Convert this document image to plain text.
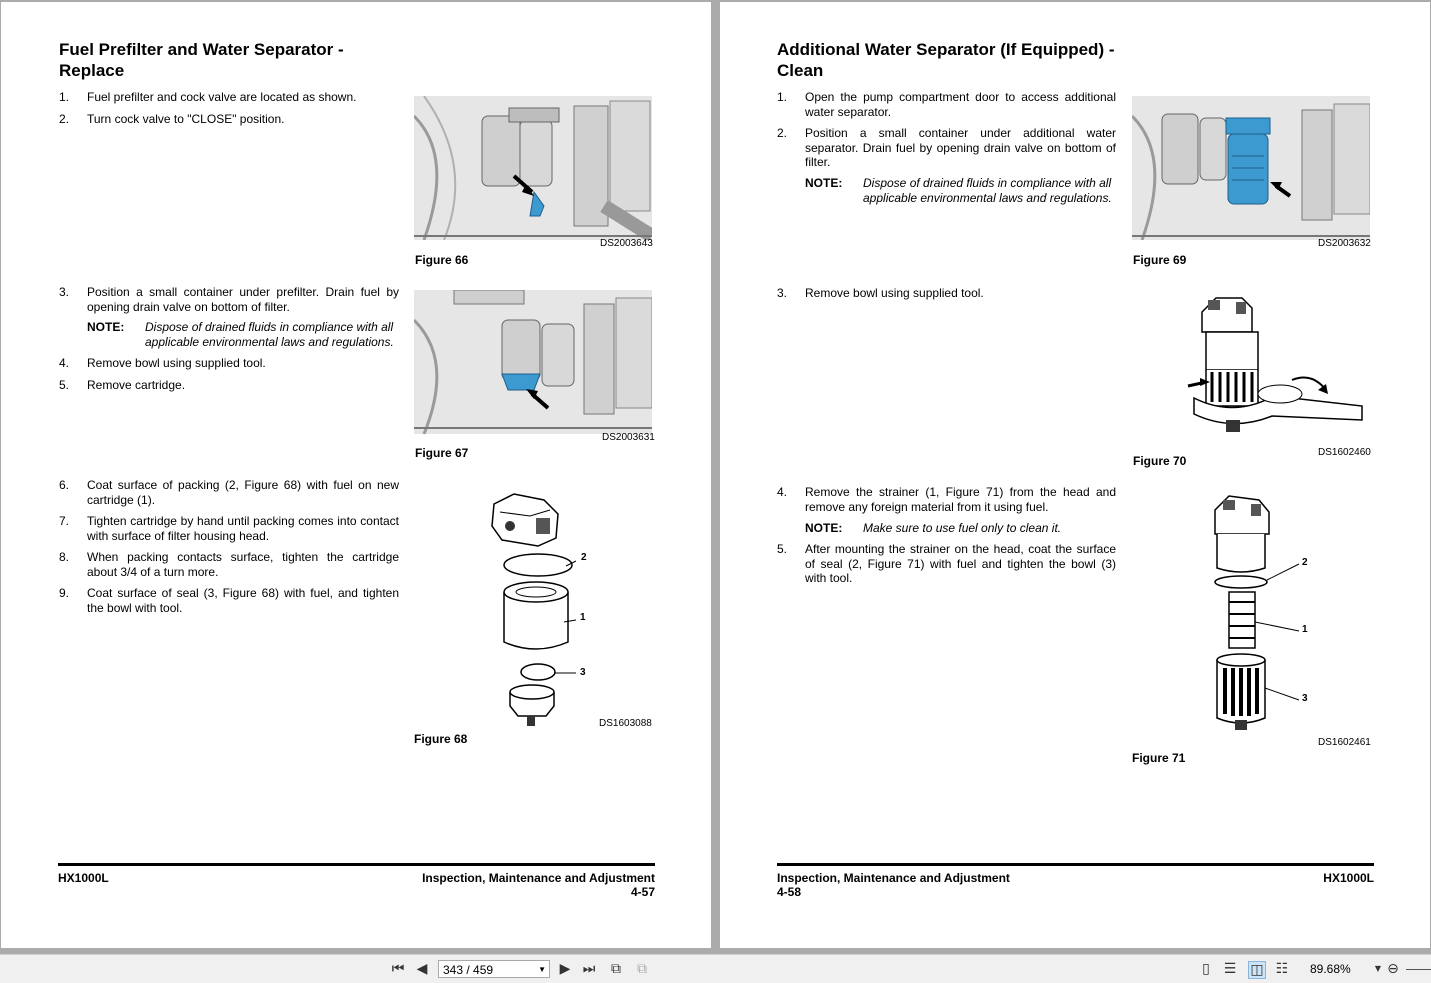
Fuel Prefilter and Water Separator -
Replace
1. Fuel prefilter and cock valve are located as shown.
2. Turn cock valve to "CLOSE" position.
DS2003643
Figure 66
3. Position a small container under prefilter. Drain fuel by opening drain valve on bottom of filter.
NOTE: Dispose of drained fluids in compliance with all applicable environmental laws and regulations.
4. Remove bowl using supplied tool.
5. Remove cartridge.
DS2003631
Figure 67
6. Coat surface of packing (2, Figure 68) with fuel on new cartridge (1).
7. Tighten cartridge by hand until packing comes into contact with surface of filter housing head.
8. When packing contacts surface, tighten the cartridge about 3/4 of a turn more.
9. Coat surface of seal (3, Figure 68) with fuel, and tighten the bowl with tool.
2
1
3
DS1603088
Figure 68
HX1000L	Inspection, Maintenance and Adjustment
4-57
Additional Water Separator (If Equipped) -
Clean
1. Open the pump compartment door to access additional water separator.
2. Position a small container under additional water separator. Drain fuel by opening drain valve on bottom of filter.
NOTE: Dispose of drained fluids in compliance with all applicable environmental laws and regulations.
DS2003632
Figure 69
3. Remove bowl using supplied tool.
DS1602460
Figure 70
4. Remove the strainer (1, Figure 71) from the head and remove any foreign material from it using fuel.
NOTE: Make sure to use fuel only to clean it.
5. After mounting the strainer on the head, coat the surface of seal (2, Figure 71) with fuel and tighten the bowl (3) with tool.
2
1
3
DS1602461
Figure 71
Inspection, Maintenance and Adjustment
4-58
HX1000L
⏮ ◀	343 / 459	▼ ▶ ⏭ ⧉ ⧉	▯ ☰ ◫ ☷ 89.68%	▼ ⊖
